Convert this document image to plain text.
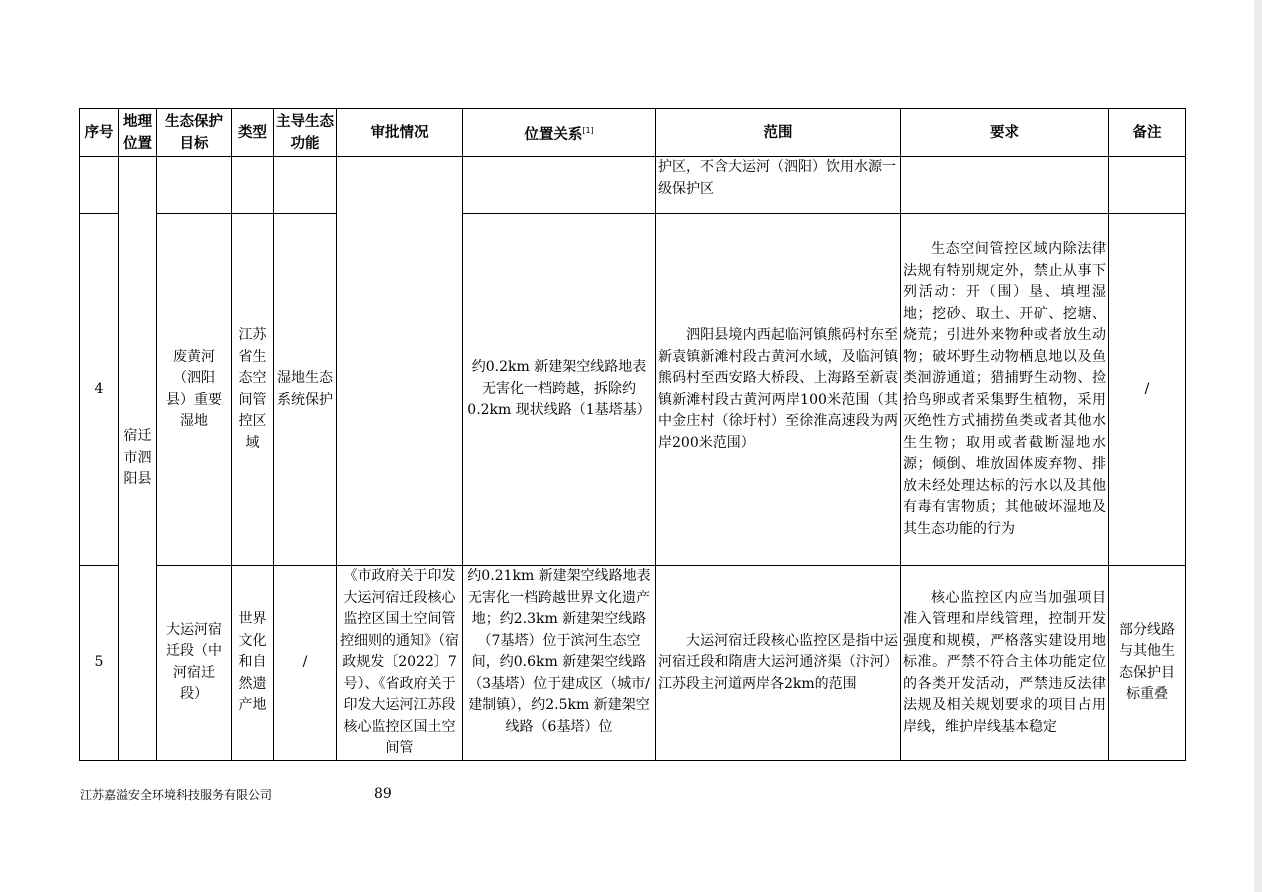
序号	地理位置	生态保护目标	类型	主导生态功能	审批情况	位置关系[1]	范围	要求	备注
	宿迁市泗阳县						护区，不含大运河（泗阳）饮用水源一级保护区		
4		废黄河（泗阳县）重要湿地	江苏省生态空间管控区域	湿地生态系统保护		约0.2km 新建架空线路地表无害化一档跨越，拆除约0.2km 现状线路（1基塔基）	泗阳县境内西起临河镇熊码村东至新袁镇新滩村段古黄河水域，及临河镇熊码村至西安路大桥段、上海路至新袁镇新滩村段古黄河两岸100米范围（其中金庄村（徐圩村）至徐淮高速段为两岸200米范围）	生态空间管控区域内除法律法规有特别规定外，禁止从事下列活动：开（围）垦、填埋湿地；挖砂、取土、开矿、挖塘、烧荒；引进外来物种或者放生动物；破坏野生动物栖息地以及鱼类洄游通道；猎捕野生动物、捡拾鸟卵或者采集野生植物，采用灭绝性方式捕捞鱼类或者其他水生生物；取用或者截断湿地水源；倾倒、堆放固体废弃物、排放未经处理达标的污水以及其他有毒有害物质；其他破坏湿地及其生态功能的行为	/
5		大运河宿迁段（中河宿迁段）	世界文化和自然遗产地	/	《市政府关于印发大运河宿迁段核心监控区国土空间管控细则的通知》（宿政规发〔2022〕7号）、《省政府关于印发大运河江苏段核心监控区国土空间管	约0.21km 新建架空线路地表无害化一档跨越世界文化遗产地；约2.3km 新建架空线路（7基塔）位于滨河生态空间，约0.6km 新建架空线路（3基塔）位于建成区（城市/建制镇），约2.5km 新建架空线路（6基塔）位	大运河宿迁段核心监控区是指中运河宿迁段和隋唐大运河通济渠（汴河）江苏段主河道两岸各2km的范围	核心监控区内应当加强项目准入管理和岸线管理，控制开发强度和规模，严格落实建设用地标准。严禁不符合主体功能定位的各类开发活动，严禁违反法律法规及相关规划要求的项目占用岸线，维护岸线基本稳定	部分线路与其他生态保护目标重叠
江苏嘉溢安全环境科技服务有限公司	89
